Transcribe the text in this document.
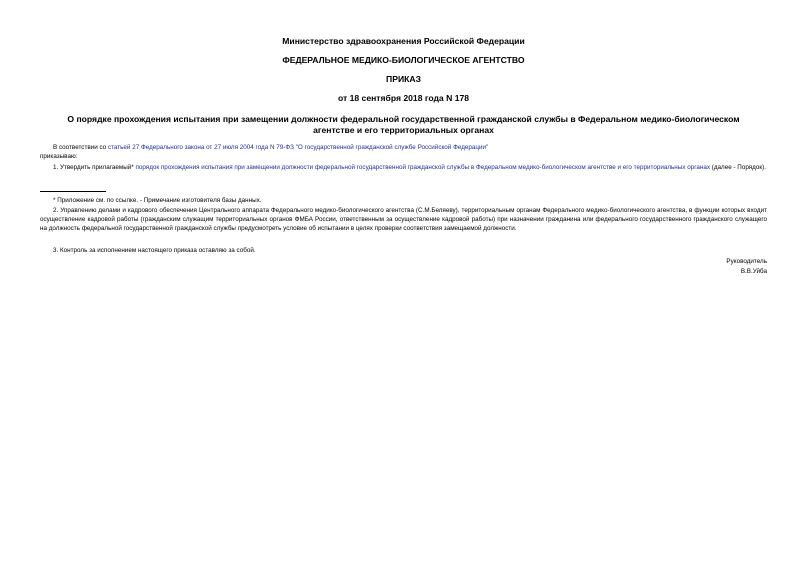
Министерство здравоохранения Российской Федерации
ФЕДЕРАЛЬНОЕ МЕДИКО-БИОЛОГИЧЕСКОЕ АГЕНТСТВО
ПРИКАЗ
от 18 сентября 2018 года N 178
О порядке прохождения испытания при замещении должности федеральной государственной гражданской службы в Федеральном медико-биологическом
агентстве и его территориальных органах
В соответствии со статьей 27 Федерального закона от 27 июля 2004 года N 79-ФЗ "О государственной гражданской службе Российской Федерации"
приказываю:
1. Утвердить прилагаемый* порядок прохождения испытания при замещении должности федеральной государственной гражданской службы в Федеральном медико-биологическом агентстве и его территориальных органах (далее - Порядок).
* Приложение см. по ссылке. - Примечание изготовителя базы данных.
2. Управлению делами и кадрового обеспечения Центрального аппарата Федерального медико-биологического агентства (С.М.Беляеву), территориальным органам Федерального медико-биологического агентства, в функции которых входит осуществление кадровой работы (гражданским служащим территориальных органов ФМБА России, ответственным за осуществление кадровой работы) при назначении гражданина или федерального государственного гражданского служащего на должность федеральной государственной гражданской службы предусмотреть условие об испытании в целях проверки соответствия замещаемой должности.
3. Контроль за исполнением настоящего приказа оставляю за собой.
Руководитель
В.В.Уйба
